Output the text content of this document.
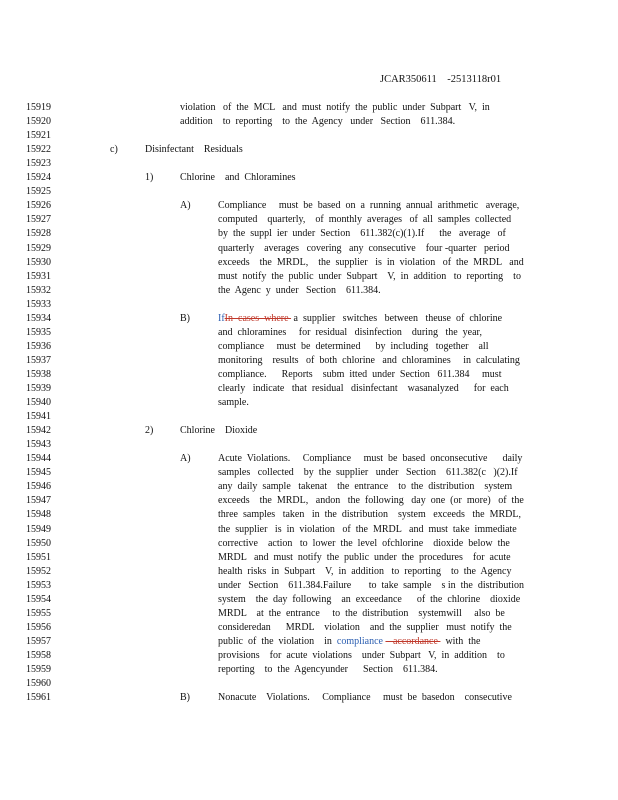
JCAR350611    -2513118r01
15919
15920
15921
15922
15923
15924
15925
15926
15927
15928
15929
15930
15931
15932
15933
15934
15935
15936
15937
15938
15939
15940
15941
15942
15943
15944
15945
15946
15947
15948
15949
15950
15951
15952
15953
15954
15955
15956
15957
15958
15959
15960
15961
violation   of  the  MCL   and  must  notify  the  public  under  Subpart   V,  in
addition    to  reporting    to  the  Agency   under   Section    611.384.
c)	Disinfectant    Residuals
1)	Chlorine    and  Chloramines
A)	Compliance     must  be  based  on  a  running  annual  arithmetic   average,
computed    quarterly,    of  monthly  averages   of  all  samples  collected
by  the  suppl  ier  under  Section    611.382(c)(1).If      the   average   of
quarterly    averages   covering   any  consecutive    four -quarter   period
exceeds    the  MRDL,    the  supplier   is  in  violation   of  the  MRDL   and
must  notify  the  public  under  Subpart    V,  in  addition   to  reporting    to
the  Agenc  y  under   Section    611.384.
B)	IfIn  cases  where  a  supplier   switches   between   theuse  of  chlorine
and  chloramines     for  residual   disinfection    during   the  year,
compliance     must  be  determined      by  including   together    all
monitoring    results   of  both  chlorine   and  chloramines     in  calculating
compliance.      Reports    subm  itted  under  Section   611.384     must
clearly   indicate   that  residual   disinfectant    wasanalyzed      for  each
sample.
2)	Chlorine    Dioxide
A)	Acute  Violations.     Compliance     must  be  based  onconsecutive      daily
samples   collected    by  the  supplier   under   Section    611.382(c   )(2).If
any  daily  sample   takenat    the  entrance    to  the  distribution    system
exceeds    the  MRDL,   andon   the  following   day  one  (or  more)   of  the
three  samples   taken   in  the  distribution    system   exceeds   the  MRDL,
the  supplier   is  in  violation   of  the  MRDL   and  must  take  immediate
corrective    action   to  lower  the  level  ofchlorine    dioxide  below  the
MRDL   and  must  notify  the  public  under  the  procedures    for  acute
health  risks  in  Subpart    V,  in  addition   to  reporting    to  the  Agency
under   Section    611.384.Failure       to  take  sample    s in  the  distribution
system    the  day  following    an  exceedance      of  the  chlorine    dioxide
MRDL    at  the  entrance     to  the  distribution    systemwill     also  be
consideredan      MRDL    violation    and  the  supplier   must  notify  the
public  of  the  violation    in  compliance    accordance   with  the
provisions    for  acute  violations    under  Subpart   V,  in  addition    to
reporting    to  the  Agencyunder      Section    611.384.
B)	Nonacute    Violations.     Compliance     must  be  basedon    consecutive
